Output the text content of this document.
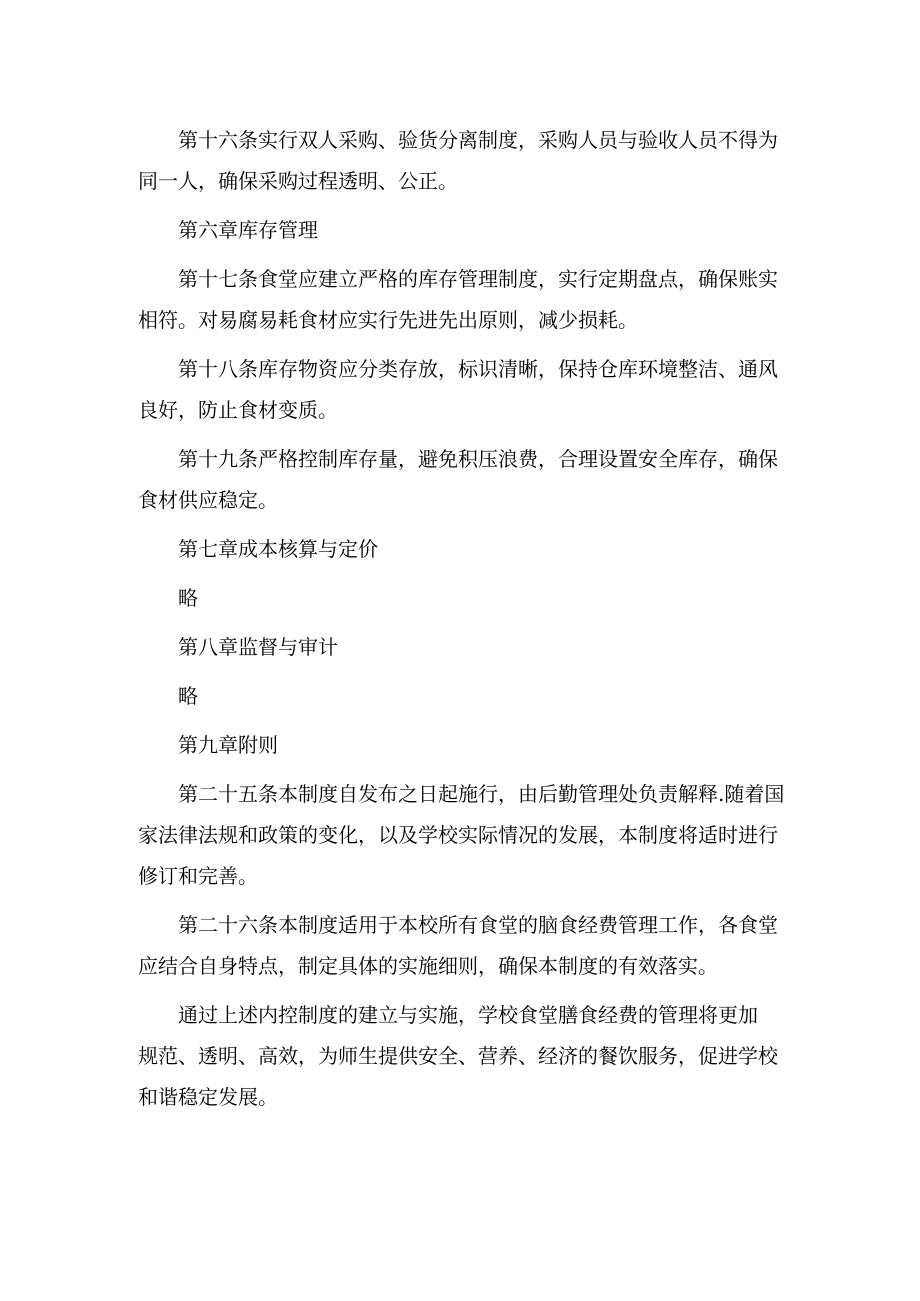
第十六条实行双人采购、验货分离制度，采购人员与验收人员不得为
同一人，确保采购过程透明、公正。
第六章库存管理
第十七条食堂应建立严格的库存管理制度，实行定期盘点，确保账实
相符。对易腐易耗食材应实行先进先出原则，减少损耗。
第十八条库存物资应分类存放，标识清晰，保持仓库环境整洁、通风
良好，防止食材变质。
第十九条严格控制库存量，避免积压浪费，合理设置安全库存，确保
食材供应稳定。
第七章成本核算与定价
略
第八章监督与审计
略
第九章附则
第二十五条本制度自发布之日起施行，由后勤管理处负责解释.随着国
家法律法规和政策的变化，以及学校实际情况的发展，本制度将适时进行
修订和完善。
第二十六条本制度适用于本校所有食堂的脑食经费管理工作，各食堂
应结合自身特点，制定具体的实施细则，确保本制度的有效落实。
通过上述内控制度的建立与实施，学校食堂膳食经费的管理将更加
规范、透明、高效，为师生提供安全、营养、经济的餐饮服务，促进学校
和谐稳定发展。
